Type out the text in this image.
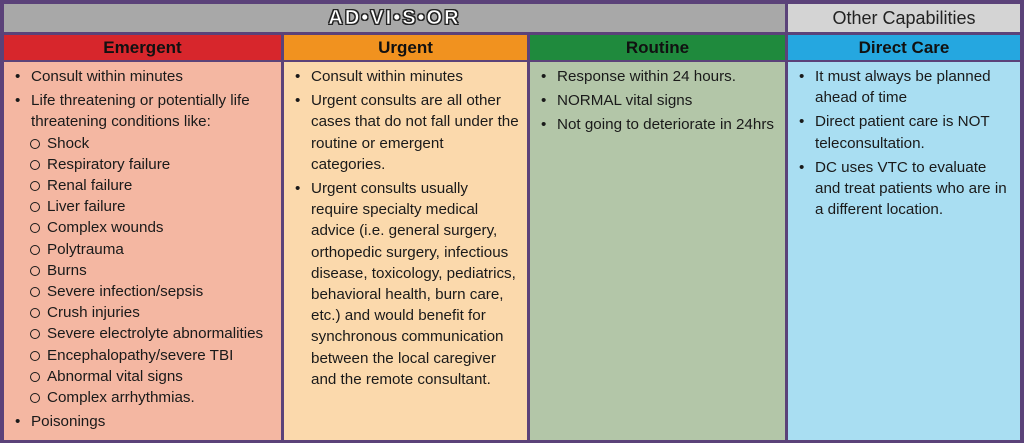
AD•VI•S•OR	Other Capabilities
Emergent
• Consult within minutes
• Life threatening or potentially life threatening conditions like:
Shock
Respiratory failure
Renal failure
Liver failure
Complex wounds
Polytrauma
Burns
Severe infection/sepsis
Crush injuries
Severe electrolyte abnormalities
Encephalopathy/severe TBI
Abnormal vital signs
Complex arrhythmias.
• Poisonings
Urgent
• Consult within minutes
• Urgent consults are all other cases that do not fall under the routine or emergent categories.
• Urgent consults usually require specialty medical advice (i.e. general surgery, orthopedic surgery, infectious disease, toxicology, pediatrics, behavioral health, burn care, etc.) and would benefit for synchronous communication between the local caregiver and the remote consultant.
Routine
• Response within 24 hours.
• NORMAL vital signs
• Not going to deteriorate in 24hrs
Direct Care
• It must always be planned ahead of time
• Direct patient care is NOT teleconsultation.
• DC uses VTC to evaluate and treat patients who are in a different location.
